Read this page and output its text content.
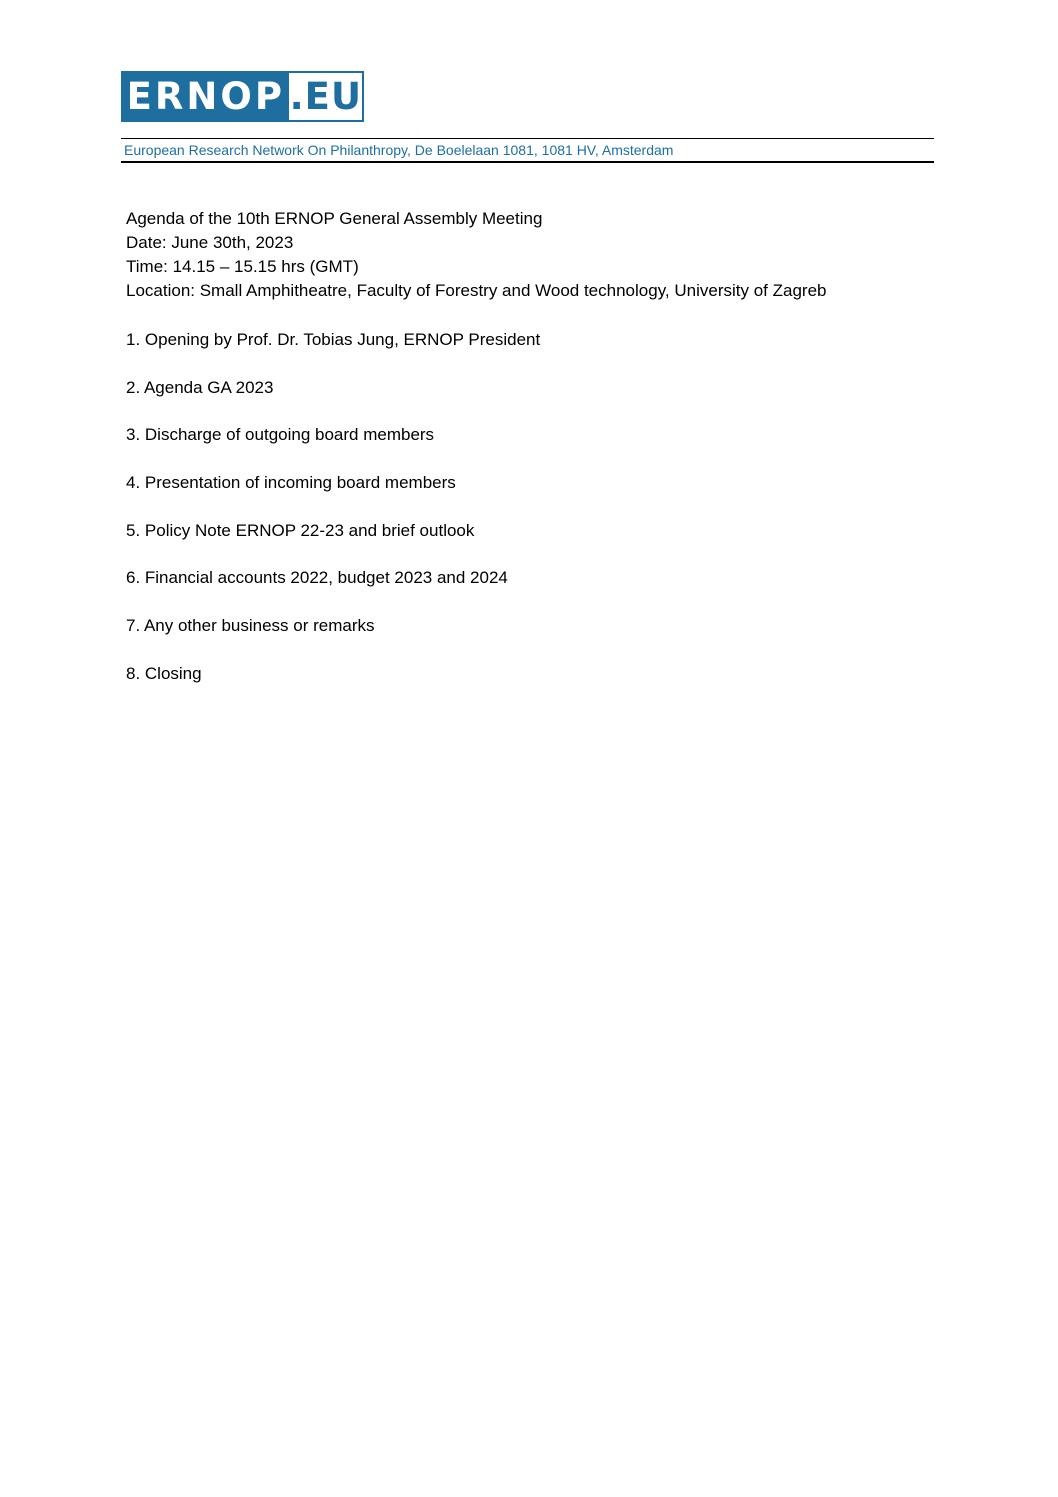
ERNOP .EU
European Research Network On Philanthropy, De Boelelaan 1081, 1081 HV, Amsterdam
Agenda of the 10th ERNOP General Assembly Meeting
Date: June 30th, 2023
Time: 14.15 – 15.15 hrs (GMT)
Location: Small Amphitheatre, Faculty of Forestry and Wood technology, University of Zagreb
1. Opening by Prof. Dr. Tobias Jung, ERNOP President
2. Agenda GA 2023
3. Discharge of outgoing board members
4. Presentation of incoming board members
5. Policy Note ERNOP 22-23 and brief outlook
6. Financial accounts 2022, budget 2023 and 2024
7. Any other business or remarks
8. Closing
